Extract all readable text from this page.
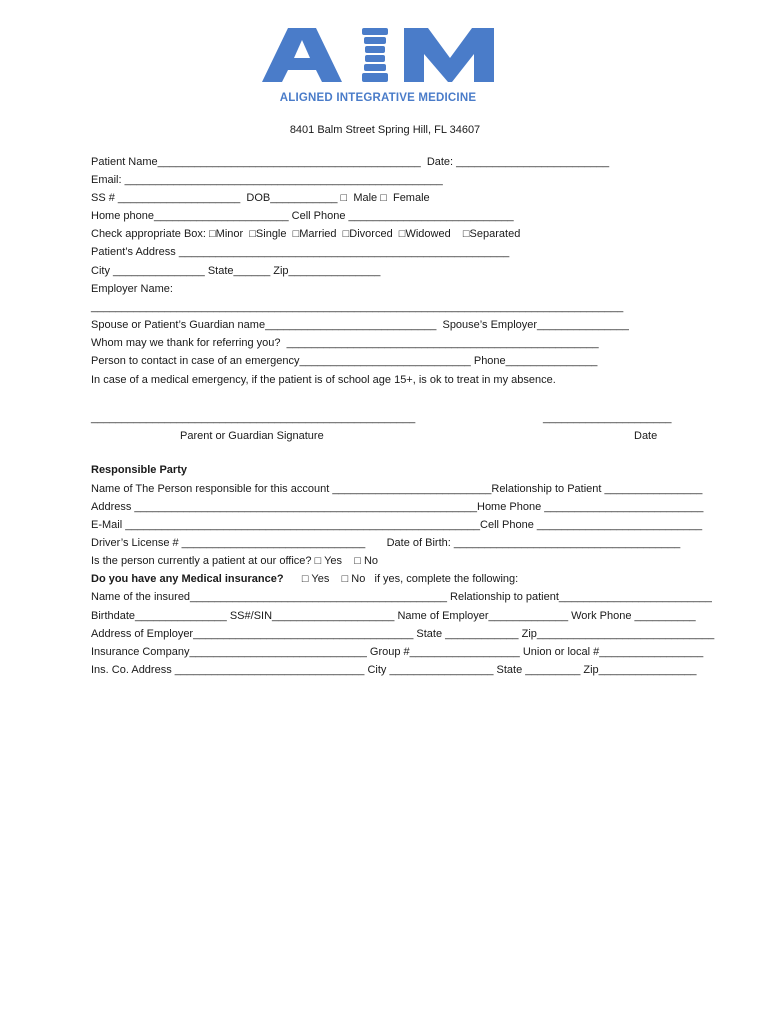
ALIGNED INTEGRATIVE MEDICINE
8401 Balm Street Spring Hill, FL 34607
Patient Name___________________________________________  Date: _________________________
Email: ____________________________________________________
SS # ____________________  DOB___________ □  Male □  Female
Home phone______________________ Cell Phone ___________________________
Check appropriate Box: □Minor  □Single  □Married  □Divorced  □Widowed    □Separated
Patient’s Address ______________________________________________________
City _______________ State______ Zip_______________
Employer Name:
_______________________________________________________________________________________
Spouse or Patient’s Guardian name____________________________  Spouse’s Employer_______________
Whom may we thank for referring you?  ___________________________________________________
Person to contact in case of an emergency____________________________ Phone_______________
In case of a medical emergency, if the patient is of school age 15+, is ok to treat in my absence.
_____________________________________________________	_____________________
Parent or Guardian Signature	Date
Responsible Party
Name of The Person responsible for this account __________________________Relationship to Patient ________________
Address ________________________________________________________Home Phone __________________________
E-Mail __________________________________________________________Cell Phone ___________________________
Driver’s License # ______________________________       Date of Birth: _____________________________________
Is the person currently a patient at our office? □ Yes    □ No
Do you have any Medical insurance?      □ Yes    □ No   if yes, complete the following:
Name of the insured__________________________________________ Relationship to patient_________________________
Birthdate_______________ SS#/SIN____________________ Name of Employer_____________ Work Phone __________
Address of Employer____________________________________ State ____________ Zip_____________________________
Insurance Company_____________________________ Group #__________________ Union or local #_________________
Ins. Co. Address _______________________________ City _________________ State _________ Zip________________
